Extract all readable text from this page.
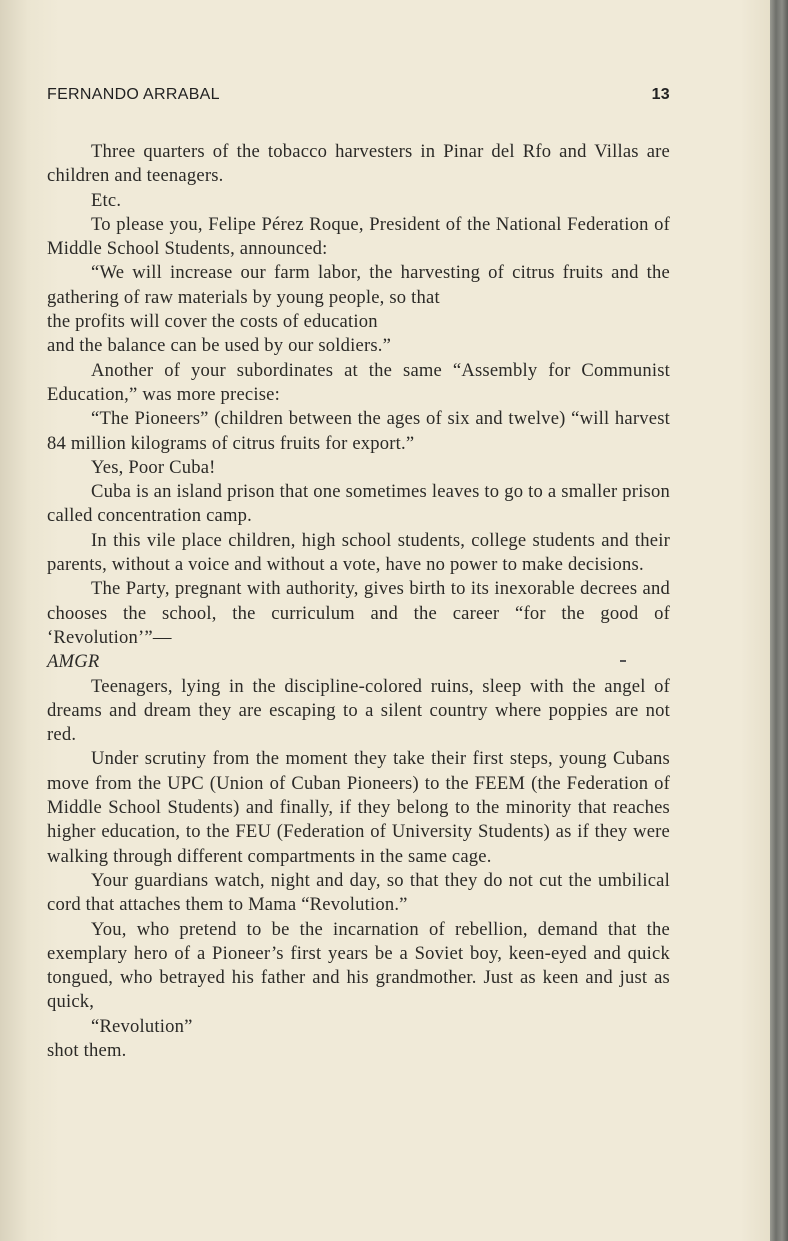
FERNANDO ARRABAL	13

Three quarters of the tobacco harvesters in Pinar del Rfo and Villas are children and teenagers.

Etc.

To please you, Felipe Pérez Roque, President of the National Federation of Middle School Students, announced:

“We will increase our farm labor, the harvesting of citrus fruits and the gathering of raw materials by young people, so that

the profits will cover the costs of education

and the balance can be used by our soldiers.”

Another of your subordinates at the same “Assembly for Communist Education,” was more precise:

“The Pioneers” (children between the ages of six and twelve) “will harvest 84 million kilograms of citrus fruits for export.”

Yes, Poor Cuba!

Cuba is an island prison that one sometimes leaves to go to a smaller prison called concentration camp.

In this vile place children, high school students, college students and their parents, without a voice and without a vote, have no power to make decisions.

The Party, pregnant with authority, gives birth to its inexorable decrees and chooses the school, the curriculum and the career “for the good of ‘Revolution’”—

AMGR

Teenagers, lying in the discipline-colored ruins, sleep with the angel of dreams and dream they are escaping to a silent country where poppies are not red.

Under scrutiny from the moment they take their first steps, young Cubans move from the UPC (Union of Cuban Pioneers) to the FEEM (the Federation of Middle School Students) and finally, if they belong to the minority that reaches higher education, to the FEU (Federation of University Students) as if they were walking through different compartments in the same cage.

Your guardians watch, night and day, so that they do not cut the umbilical cord that attaches them to Mama “Revolution.”

You, who pretend to be the incarnation of rebellion, demand that the exemplary hero of a Pioneer’s first years be a Soviet boy, keen-eyed and quick tongued, who betrayed his father and his grandmother. Just as keen and just as quick,

“Revolution”

shot them.
